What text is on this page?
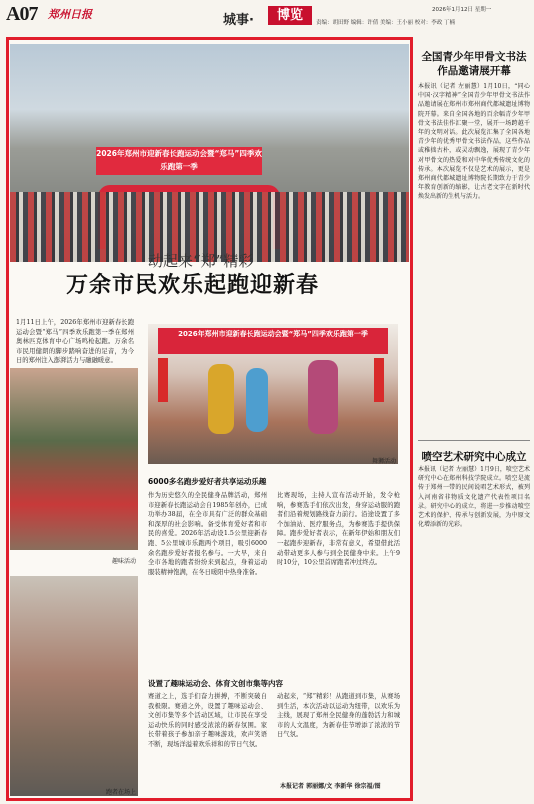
A07 郑州日报	城事·	博览	2026年1月12日 星期一
责编：胡田野 编辑：许倩 美编：王小丽 校对：李政 丁楠
2026年郑州市迎新春长跑运动会暨“郑马”四季欢乐跑第一季
动起来“郑”精彩
万余市民欢乐起跑迎新春
1月11日上午，2026年郑州市迎新春长跑运动会暨“郑马”四季欢乐跑第一季在郑州奥林匹克体育中心广场鸣枪起跑。万余名市民用健朗的脚步踏响奋进的足音，为今日的郑州注入澎湃活力与融融暖意。
2026年郑州市迎新春长跑运动会暨“郑马”四季欢乐跑第一季
舞狮活动
趣味活动
跑者在场上
6000多名跑步爱好者共享运动乐趣
作为历史悠久的全民健身品牌活动，郑州市迎新春长跑运动会自1985年创办，已成功举办38届，在全市具有广泛的群众基础和深厚的社会影响。备受体育爱好者和市民的喜爱。2026年活动设1.5公里迎新春跑、5公里城市乐跑两个项目，吸引6000余名跑步爱好者报名参与。一大早，来自全市各地的跑者纷纷来到起点，身着运动服装精神饱满，在冬日暖阳中热身准备。
比赛现场，主持人宣布活动开始，发令枪响，参赛选手们依次出发，身穿运动服的跑者们沿着规划路线奋力前行。沿途设置了多个加油站、医疗服务点，为参赛选手提供保障。跑步爱好者表示，在新年伊始和朋友们一起跑步迎新春，非常有意义，希望借此活动带动更多人参与到全民健身中来。上午9时10分，10公里首席跑者冲过终点。
设置了趣味运动会、体育文创市集等内容
赛道之上，选手们奋力拼搏，不断突破自我极限。赛道之外，设置了趣味运动会、文创市集等多个活动区域，让市民在享受运动快乐的同时感受浓浓的新春氛围。家长带着孩子参加亲子趣味游戏，欢声笑语不断，现场洋溢着欢乐祥和的节日气氛。
动起来，“郑”精彩！从跑道到市集，从赛场到生活，本次活动以运动为纽带，以欢乐为主线，展现了郑州全民健身的蓬勃活力和城市的人文温度，为新春佳节增添了浓浓的节日气氛。
本报记者 郭丽娜/文 李新华 徐宗福/图
全国青少年甲骨文书法作品邀请展开幕
本报讯（记者 左丽慧）1月10日，“同心中国·汉字精神”全国青少年甲骨文书法作品邀请展在郑州市郑州商代都城遗址博物院开幕。来自全国各地的百余幅青少年甲骨文书法佳作汇聚一堂，展开一场跨越千年的文明对话。此次展览汇集了全国各地青少年的优秀甲骨文书法作品，这些作品或稚拙古朴，或灵动飘逸，展现了青少年对甲骨文的热爱和对中华优秀传统文化的传承。本次展览不仅是艺术的展示，更是郑州商代都城遗址博物院长期致力于青少年教育创新的缩影，让古老文字在新时代焕发出新的生机与活力。
喷空艺术研究中心成立
本报讯（记者 左丽慧）1月9日，喷空艺术研究中心在郑州科技学院成立。喷空是流传于郑州一带的民间说唱艺术形式，被列入河南省非物质文化遗产代表性项目名录。研究中心的成立，将进一步推动喷空艺术的保护、传承与创新发展，为中原文化增添新的光彩。
